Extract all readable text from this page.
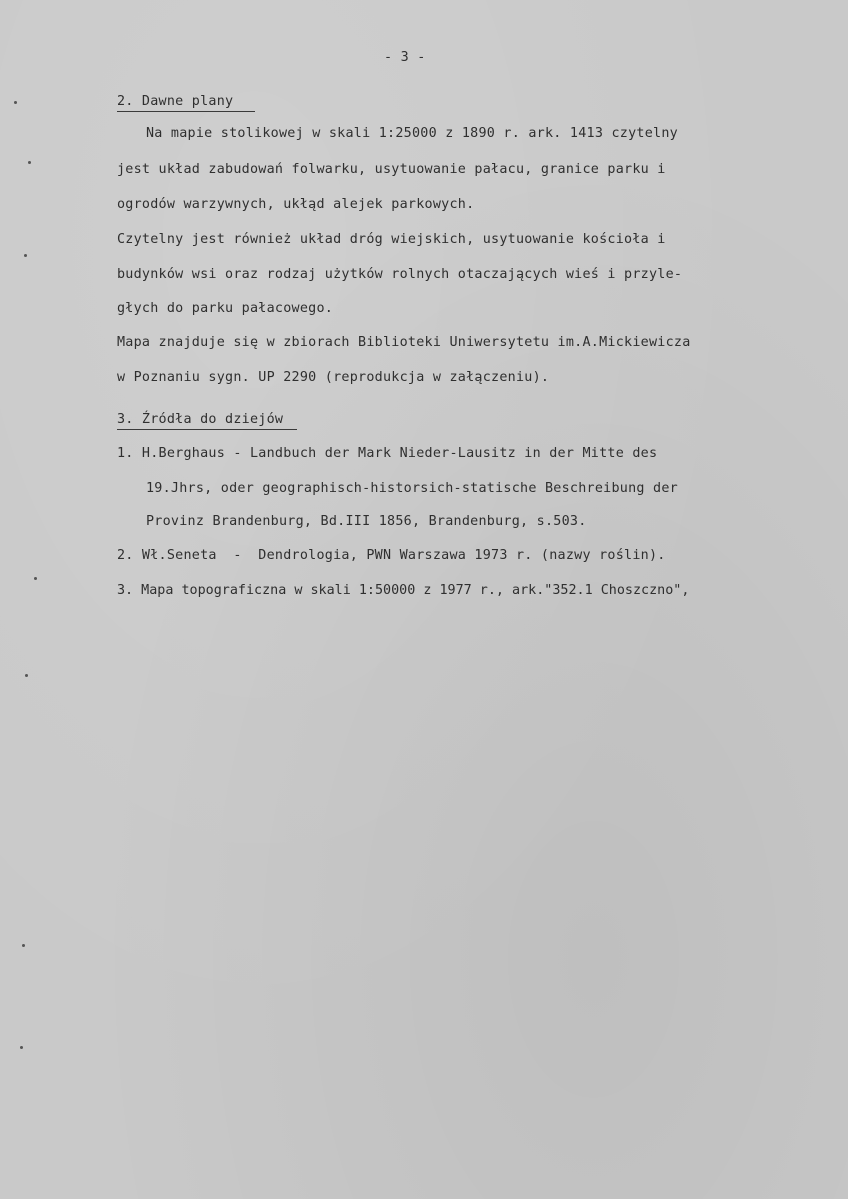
- 3 -
2. Dawne plany
Na mapie stolikowej w skali 1:25000 z 1890 r. ark. 1413 czytelny
jest układ zabudowań folwarku, usytuowanie pałacu, granice parku i
ogrodów warzywnych, ukłąd alejek parkowych.
Czytelny jest również układ dróg wiejskich, usytuowanie kościoła i
budynków wsi oraz rodzaj użytków rolnych otaczających wieś i przyle-
głych do parku pałacowego.
Mapa znajduje się w zbiorach Biblioteki Uniwersytetu im.A.Mickiewicza
w Poznaniu sygn. UP 2290 (reprodukcja w załączeniu).
3. Źródła do dziejów
1. H.Berghaus - Landbuch der Mark Nieder-Lausitz in der Mitte des
19.Jhrs, oder geographisch-historsich-statische Beschreibung der
Provinz Brandenburg, Bd.III 1856, Brandenburg, s.503.
2. Wł.Seneta  -  Dendrologia, PWN Warszawa 1973 r. (nazwy roślin).
3. Mapa topograficzna w skali 1:50000 z 1977 r., ark."352.1 Choszczno",
